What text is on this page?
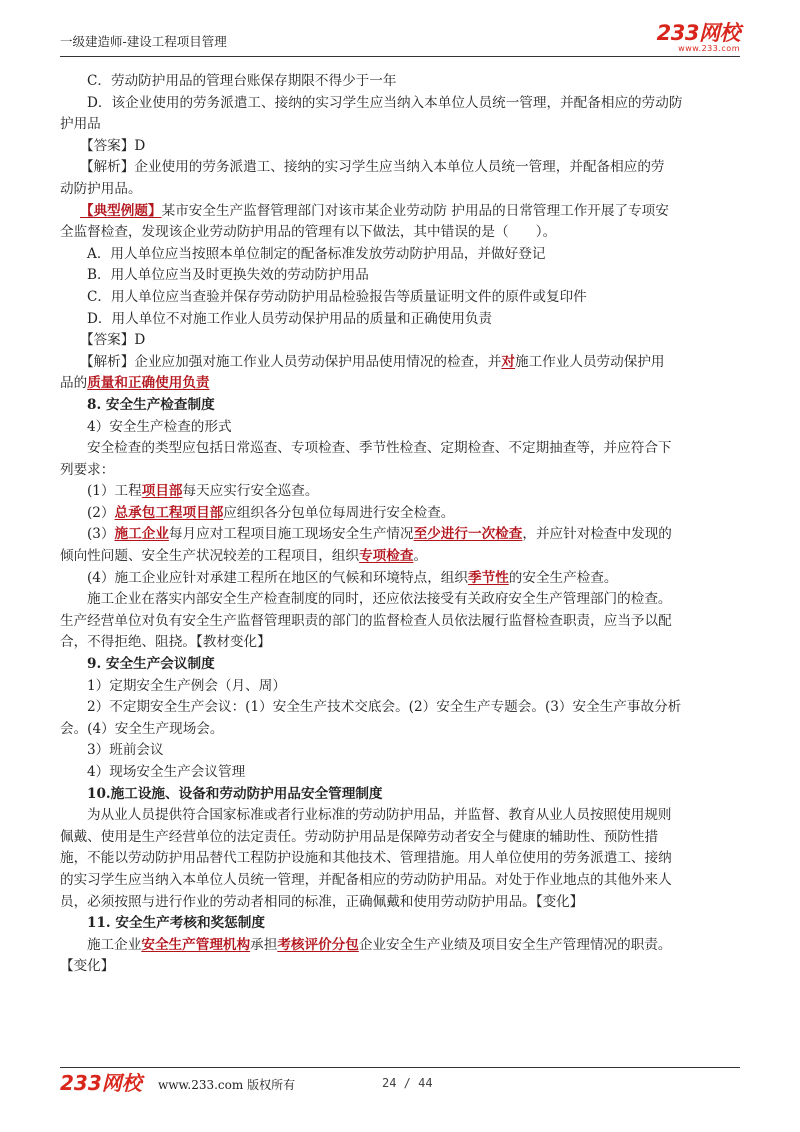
一级建造师-建设工程项目管理	233网校
www.233.com
C．劳动防护用品的管理台账保存期限不得少于一年
D．该企业使用的劳务派遣工、接纳的实习学生应当纳入本单位人员统一管理，并配备相应的劳动防
护用品
【答案】D
【解析】企业使用的劳务派遣工、接纳的实习学生应当纳入本单位人员统一管理，并配备相应的劳
动防护用品。
【典型例题】某市安全生产监督管理部门对该市某企业劳动防 护用品的日常管理工作开展了专项安
全监督检查，发现该企业劳动防护用品的管理有以下做法，其中错误的是（　　）。
A．用人单位应当按照本单位制定的配备标准发放劳动防护用品，并做好登记
B．用人单位应当及时更换失效的劳动防护用品
C．用人单位应当查验并保存劳动防护用品检验报告等质量证明文件的原件或复印件
D．用人单位不对施工作业人员劳动保护用品的质量和正确使用负责
【答案】D
【解析】企业应加强对施工作业人员劳动保护用品使用情况的检查，并对施工作业人员劳动保护用
品的质量和正确使用负责
8. 安全生产检查制度
4）安全生产检查的形式
安全检查的类型应包括日常巡查、专项检查、季节性检查、定期检查、不定期抽查等，并应符合下
列要求：
(1）工程项目部每天应实行安全巡查。
(2）总承包工程项目部应组织各分包单位每周进行安全检查。
(3）施工企业每月应对工程项目施工现场安全生产情况至少进行一次检查，并应针对检查中发现的
倾向性问题、安全生产状况较差的工程项目，组织专项检查。
(4）施工企业应针对承建工程所在地区的气候和环境特点，组织季节性的安全生产检查。
施工企业在落实内部安全生产检查制度的同时，还应依法接受有关政府安全生产管理部门的检查。
生产经营单位对负有安全生产监督管理职责的部门的监督检查人员依法履行监督检查职责，应当予以配
合，不得拒绝、阻挠。【教材变化】
9. 安全生产会议制度
1）定期安全生产例会（月、周）
2）不定期安全生产会议：(1）安全生产技术交底会。(2）安全生产专题会。(3）安全生产事故分析
会。(4）安全生产现场会。
3）班前会议
4）现场安全生产会议管理
10.施工设施、设备和劳动防护用品安全管理制度
为从业人员提供符合国家标准或者行业标准的劳动防护用品，并监督、教育从业人员按照使用规则
佩戴、使用是生产经营单位的法定责任。劳动防护用品是保障劳动者安全与健康的辅助性、预防性措
施，不能以劳动防护用品替代工程防护设施和其他技术、管理措施。用人单位使用的劳务派遣工、接纳
的实习学生应当纳入本单位人员统一管理，并配备相应的劳动防护用品。对处于作业地点的其他外来人
员，必须按照与进行作业的劳动者相同的标准，正确佩戴和使用劳动防护用品。【变化】
11. 安全生产考核和奖惩制度
施工企业安全生产管理机构承担考核评价分包企业安全生产业绩及项目安全生产管理情况的职责。
【变化】
233网校 www.233.com 版权所有	24 / 44
